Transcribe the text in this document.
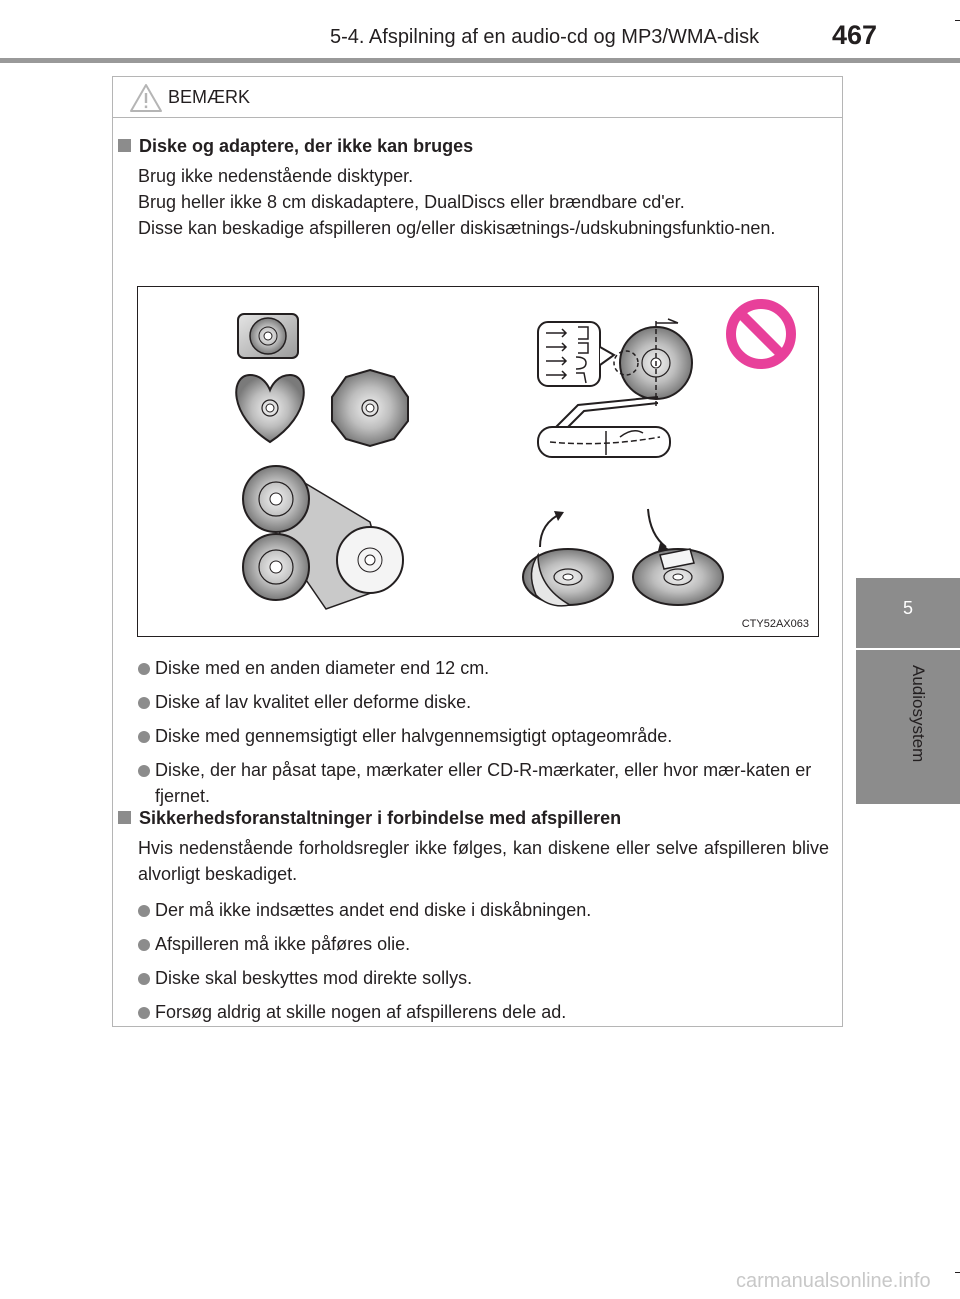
5-4. Afspilning af en audio-cd og MP3/WMA-disk	467
5
Audiosystem
BEMÆRK
Diske og adaptere, der ikke kan bruges
Brug ikke nedenstående disktyper.
Brug heller ikke 8 cm diskadaptere, DualDiscs eller brændbare cd'er.
Disse kan beskadige afspilleren og/eller diskisætnings-/udskubningsfunktio-nen.
CTY52AX063
Diske med en anden diameter end 12 cm.
Diske af lav kvalitet eller deforme diske.
Diske med gennemsigtigt eller halvgennemsigtigt optageområde.
Diske, der har påsat tape, mærkater eller CD-R-mærkater, eller hvor mær-katen er fjernet.
Sikkerhedsforanstaltninger i forbindelse med afspilleren
Hvis nedenstående forholdsregler ikke følges, kan diskene eller selve afspilleren blive alvorligt beskadiget.
Der må ikke indsættes andet end diske i diskåbningen.
Afspilleren må ikke påføres olie.
Diske skal beskyttes mod direkte sollys.
Forsøg aldrig at skille nogen af afspillerens dele ad.
carmanualsonline.info
